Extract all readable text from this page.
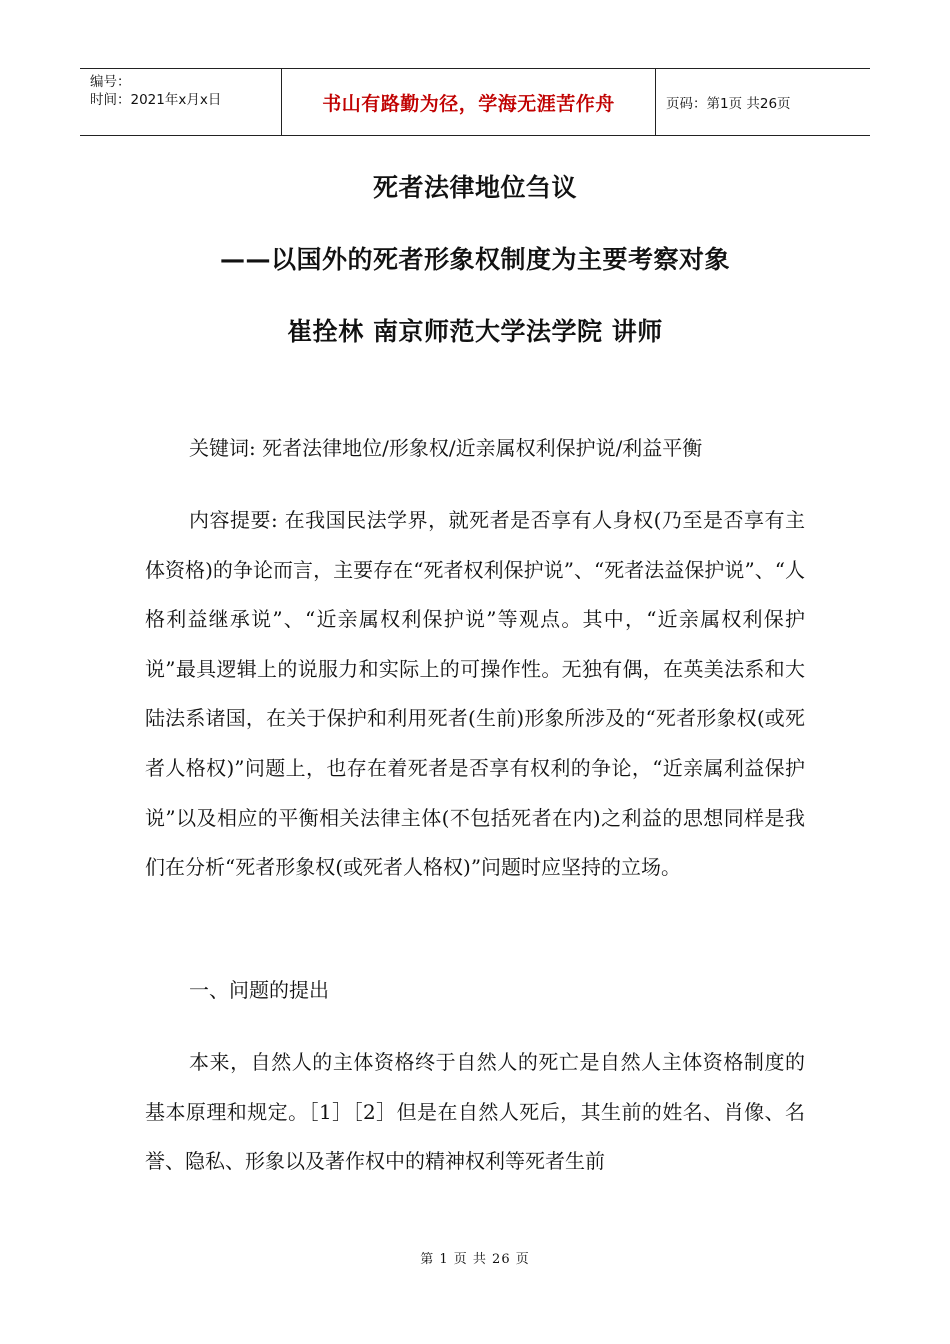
编号：
时间：2021年x月x日	书山有路勤为径，学海无涯苦作舟	页码：第1页 共26页
死者法律地位刍议
——以国外的死者形象权制度为主要考察对象
崔拴林 南京师范大学法学院 讲师

关键词: 死者法律地位/形象权/近亲属权利保护说/利益平衡

内容提要: 在我国民法学界，就死者是否享有人身权(乃至是否享有主体资格)的争论而言，主要存在“死者权利保护说”、“死者法益保护说”、“人格利益继承说”、“近亲属权利保护说”等观点。其中，“近亲属权利保护说”最具逻辑上的说服力和实际上的可操作性。无独有偶，在英美法系和大陆法系诸国，在关于保护和利用死者(生前)形象所涉及的“死者形象权(或死者人格权)”问题上，也存在着死者是否享有权利的争论，“近亲属利益保护说”以及相应的平衡相关法律主体(不包括死者在内)之利益的思想同样是我们在分析“死者形象权(或死者人格权)”问题时应坚持的立场。

一、问题的提出

本来，自然人的主体资格终于自然人的死亡是自然人主体资格制度的基本原理和规定。［1］［2］但是在自然人死后，其生前的姓名、肖像、名誉、隐私、形象以及著作权中的精神权利等死者生前

第 1 页 共 26 页
